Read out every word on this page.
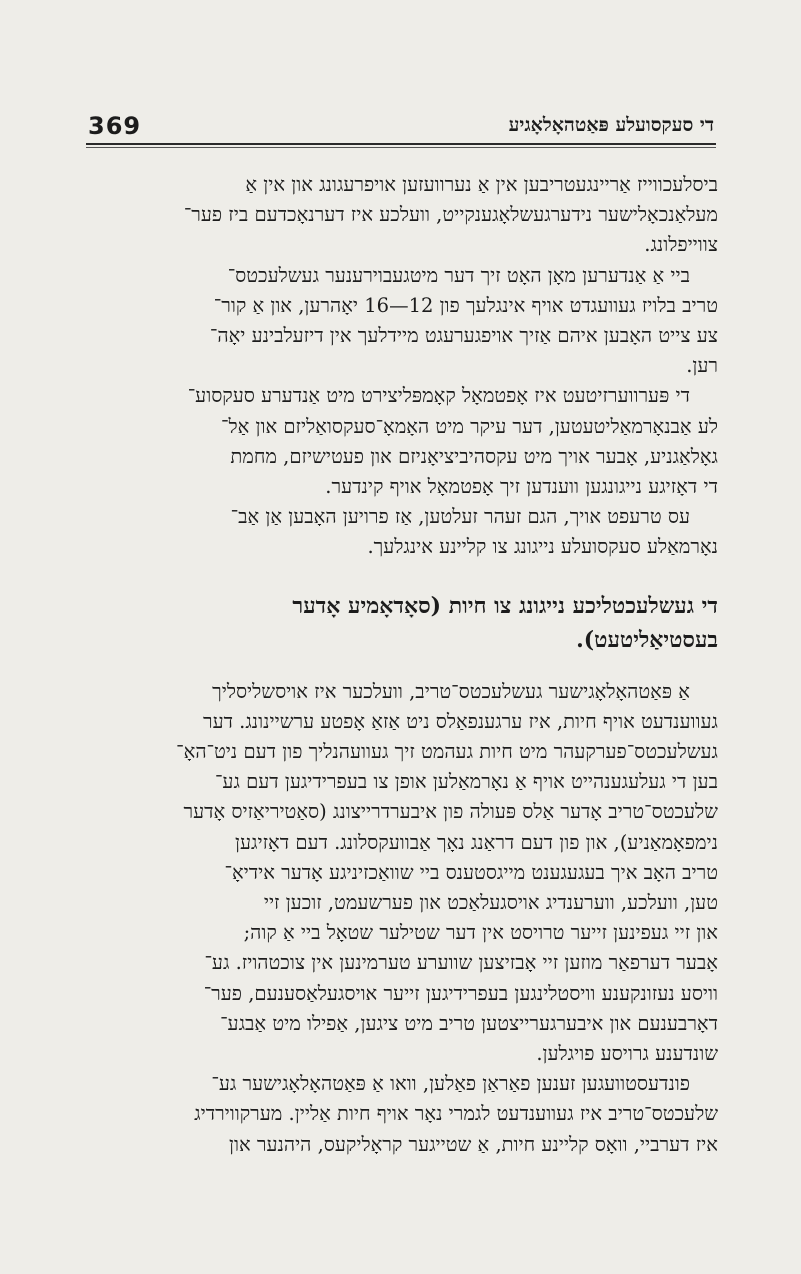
369	די סעקסועלע פּאַטהאָלאָגיע

ביסלעכווייז אַריינגעטריבען אין אַ נערוועזען אויפרעגונג און אין אַ
מעלאַנכאָלישער נידערגעשלאָגענקייט, וועלכע איז דערנאָכדעם ביז פער־
צווייפלונג.

ביי אַ אַנדערען מאָן האָט זיך דער מיטגעבוירענער געשלעכטס־
טריב בלויז געוועגדט אויף אינגלעך פון 12—16 יאָהרען, און אַ קור־
צע צייט האָבען איהם אַזיך אויפגערעגט מיידלעך אין דיזעלבינע יאָה־
רען.

די פּערווערזיטעט איז אָפטמאָל קאָמפּליצירט מיט אַנדערע סעקסוע־
לע אַבנאָרמאַליטעטען, דער עיקר מיט האָמאָ־סעקסואַליזם און אַל־
גאָלאַגניע, אָבער אויך מיט עקסהיביציאָניזם און פעטישיזם, מחמת
די דאָזיגע נייגונגען ווענדען זיך אָפטמאָל אויף קינדער.

עס טרעפט אויך, הגם זעהר זעלטען, אַז פרויען האָבען אַן אַב־
נאָרמאַלע סעקסועלע נייגונג צו קליינע אינגלעך.

די געשלעכטליכע נייגונג צו חיות (סאָדאָמיע אָדער
בעסטיאַליטעט).

אַ פּאַטהאָלאָגישער געשלעכטס־טריב, וועלכער איז אויסשליסליך
געווענדעט אויף חיות, איז ערגענפאַלס ניט אַזאַ אָפטע ערשיינונג. דער
געשלעכטס־פערקעהר מיט חיות געהמט זיך געוועהנליך פון דעם ניט־האָ־
בען די געלעגענהייט אויף אַ נאָרמאַלען אופן צו בעפרידיגען דעם גע־
שלעכטס־טריב אָדער אַלס פּעולה פון איבערדרייצונג (סאַטיריאַזיס אָדער
נימפאָמאַניע), און פון דעם דראַנג נאָך אַבוועקסלונג. דעם דאָזיגען
טריב האָב איך בעגעגענט מייגסטענס ביי שוואַכזיניגע אָדער אידיאָ־
טען, וועלכע, ווערענדיג אויסגעלאַכט און פערשעמט, זוכען זיי
און זיי געפינען זייער טרויסט אין דער שטילער שטאָל ביי אַ קוה;
אָבער דערפאַר מוזען זיי אָבזיצען שווערע טערמינען אין צוכטהויז. גע־
וויסע נעזונקענע וויסטלינגען בעפרידיגען זייער אויסגעלאַסענעם, פער־
דאָרבענעם און איבערגערייצטען טריב מיט ציגען, אַפילו מיט אַבגע־
שונדענע גרויסע פויגלען.

פונדעסטוועגען זענען פאַראַן פאַלען, וואו אַ פּאַטהאָלאָגישער גע־
שלעכטס־טריב איז געווענדעט לגמרי נאָר אויף חיות אַליין. מערקווירדיג
איז דערביי, וואָס קליינע חיות, אַ שטייגער קראָליקעס, היהנער און
